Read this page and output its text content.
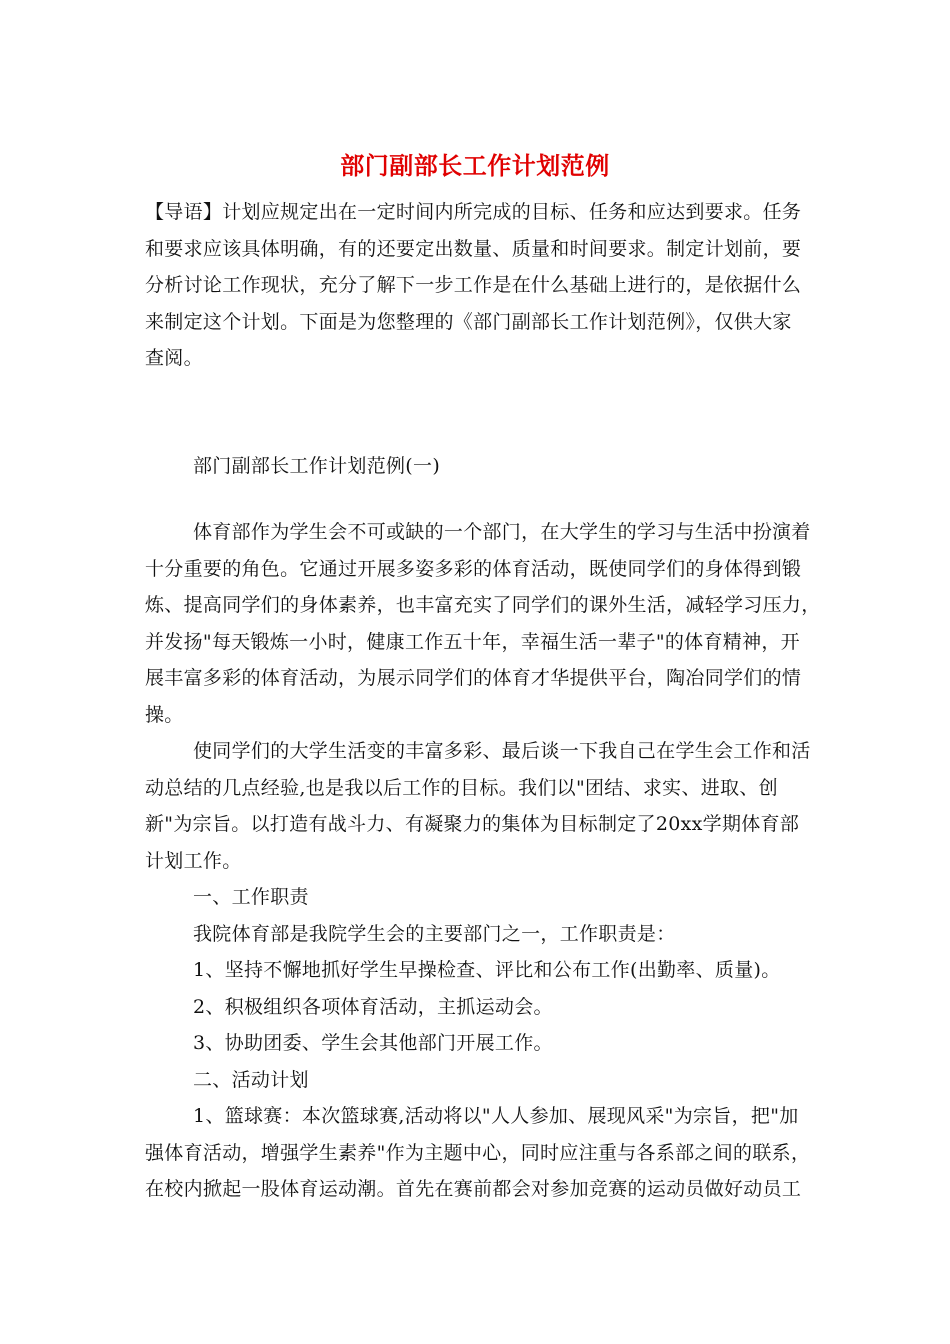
部门副部长工作计划范例
【导语】计划应规定出在一定时间内所完成的目标、任务和应达到要求。任务
和要求应该具体明确，有的还要定出数量、质量和时间要求。制定计划前，要
分析讨论工作现状，充分了解下一步工作是在什么基础上进行的，是依据什么
来制定这个计划。下面是为您整理的《部门副部长工作计划范例》，仅供大家
查阅。
部门副部长工作计划范例(一)
体育部作为学生会不可或缺的一个部门，在大学生的学习与生活中扮演着
十分重要的角色。它通过开展多姿多彩的体育活动，既使同学们的身体得到锻
炼、提高同学们的身体素养，也丰富充实了同学们的课外生活，减轻学习压力，
并发扬"每天锻炼一小时，健康工作五十年，幸福生活一辈子"的体育精神，开
展丰富多彩的体育活动，为展示同学们的体育才华提供平台，陶冶同学们的情
操。
使同学们的大学生活变的丰富多彩、最后谈一下我自己在学生会工作和活
动总结的几点经验,也是我以后工作的目标。我们以"团结、求实、进取、创
新"为宗旨。以打造有战斗力、有凝聚力的集体为目标制定了20xx学期体育部
计划工作。
一、工作职责
我院体育部是我院学生会的主要部门之一，工作职责是：
1、坚持不懈地抓好学生早操检查、评比和公布工作(出勤率、质量)。
2、积极组织各项体育活动，主抓运动会。
3、协助团委、学生会其他部门开展工作。
二、活动计划
1、篮球赛：本次篮球赛,活动将以"人人参加、展现风采"为宗旨，把"加
强体育活动，增强学生素养"作为主题中心，同时应注重与各系部之间的联系，
在校内掀起一股体育运动潮。首先在赛前都会对参加竞赛的运动员做好动员工
